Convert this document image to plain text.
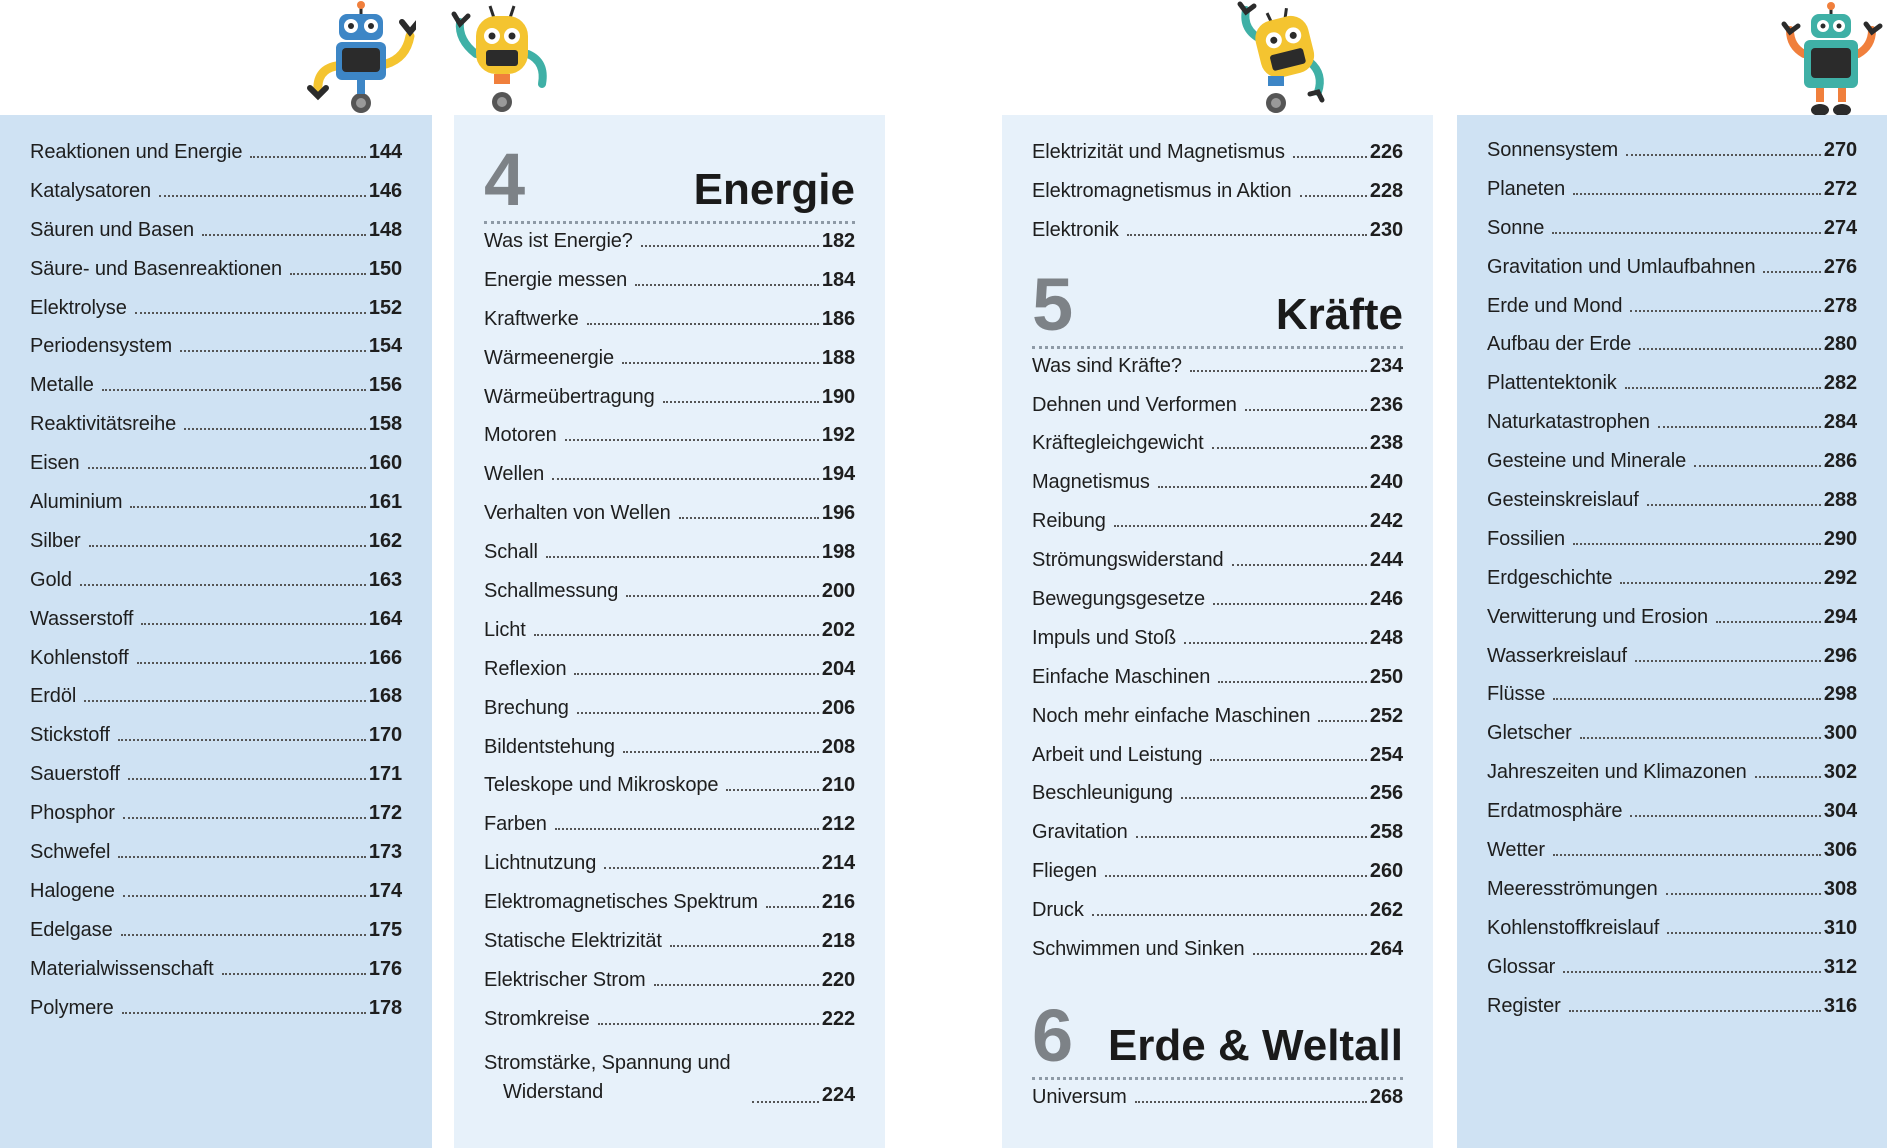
Reaktionen und Energie	144
Katalysatoren	146
Säuren und Basen	148
Säure- und Basenreaktionen	150
Elektrolyse	152
Periodensystem	154
Metalle	156
Reaktivitätsreihe	158
Eisen	160
Aluminium	161
Silber	162
Gold	163
Wasserstoff	164
Kohlenstoff	166
Erdöl	168
Stickstoff	170
Sauerstoff	171
Phosphor	172
Schwefel	173
Halogene	174
Edelgase	175
Materialwissenschaft	176
Polymere	178
4	Energie
Was ist Energie?	182
Energie messen	184
Kraftwerke	186
Wärmeenergie	188
Wärmeübertragung	190
Motoren	192
Wellen	194
Verhalten von Wellen	196
Schall	198
Schallmessung	200
Licht	202
Reflexion	204
Brechung	206
Bildentstehung	208
Teleskope und Mikroskope	210
Farben	212
Lichtnutzung	214
Elektromagnetisches Spektrum	216
Statische Elektrizität	218
Elektrischer Strom	220
Stromkreise	222
Stromstärke, Spannung und
Widerstand	224
Elektrizität und Magnetismus	226
Elektromagnetismus in Aktion	228
Elektronik	230
5	Kräfte
Was sind Kräfte?	234
Dehnen und Verformen	236
Kräftegleichgewicht	238
Magnetismus	240
Reibung	242
Strömungswiderstand	244
Bewegungsgesetze	246
Impuls und Stoß	248
Einfache Maschinen	250
Noch mehr einfache Maschinen	252
Arbeit und Leistung	254
Beschleunigung	256
Gravitation	258
Fliegen	260
Druck	262
Schwimmen und Sinken	264
6 Erde & Weltall
Universum	268
Sonnensystem	270
Planeten	272
Sonne	274
Gravitation und Umlaufbahnen	276
Erde und Mond	278
Aufbau der Erde	280
Plattentektonik	282
Naturkatastrophen	284
Gesteine und Minerale	286
Gesteinskreislauf	288
Fossilien	290
Erdgeschichte	292
Verwitterung und Erosion	294
Wasserkreislauf	296
Flüsse	298
Gletscher	300
Jahreszeiten und Klimazonen	302
Erdatmosphäre	304
Wetter	306
Meeresströmungen	308
Kohlenstoffkreislauf	310
Glossar	312
Register	316
